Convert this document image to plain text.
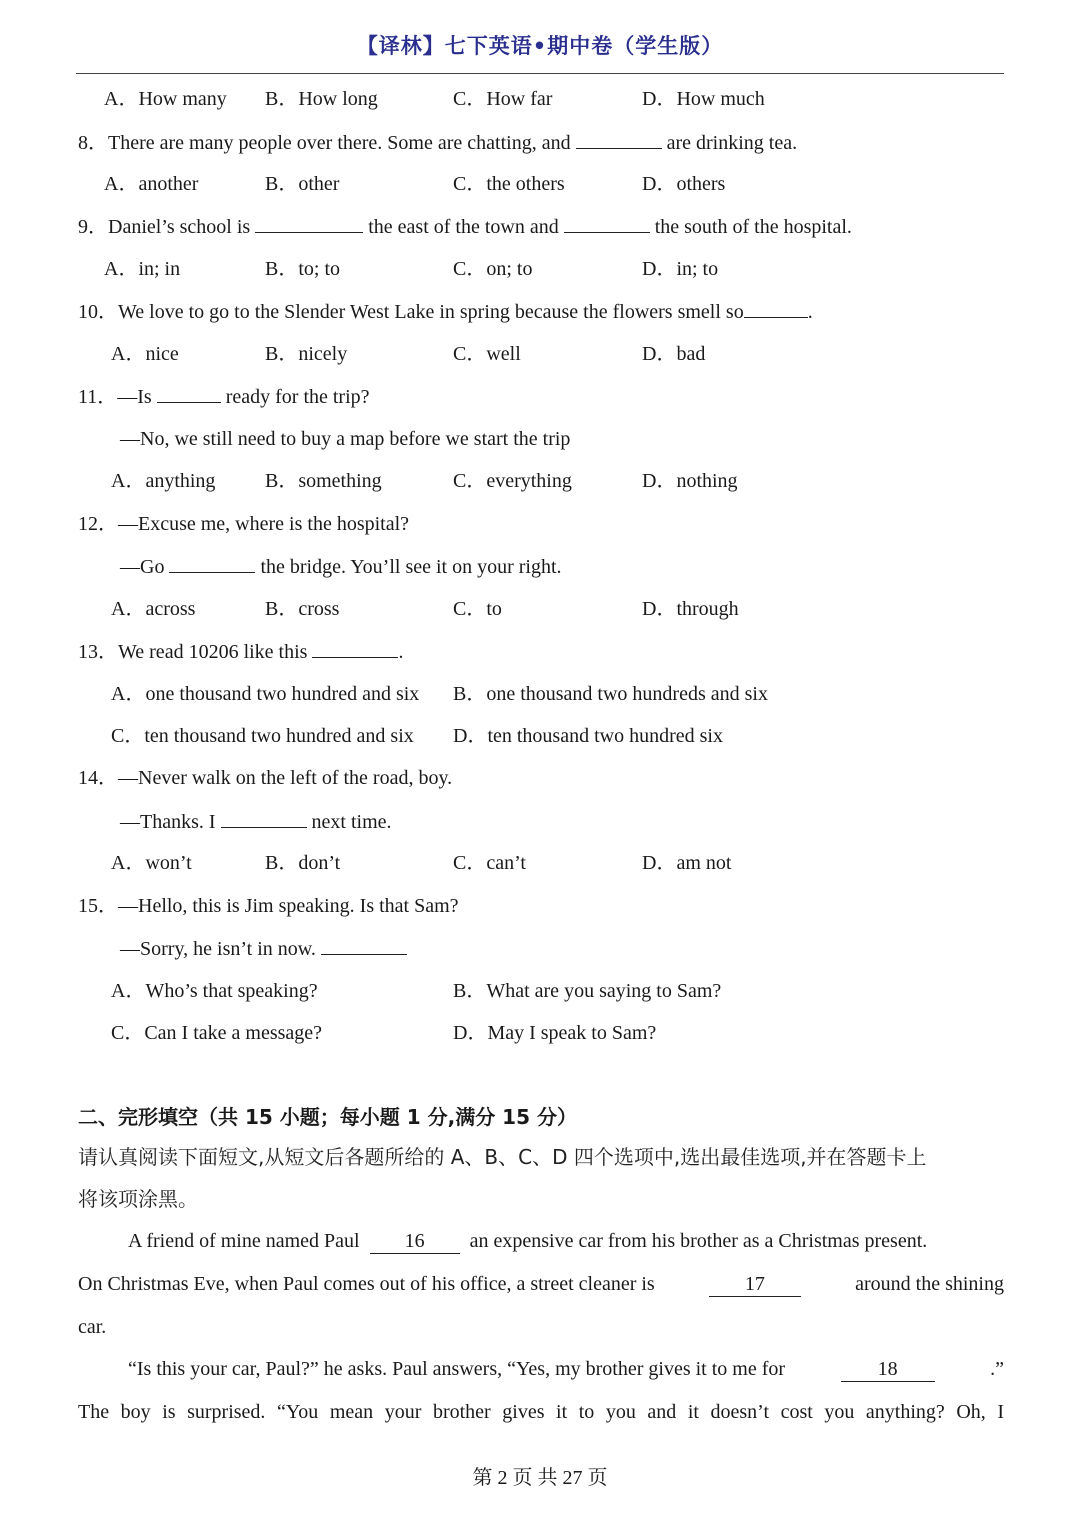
【译林】七下英语•期中卷（学生版）
A．How many B．How long	C．How far	D．How much
8．There are many people over there. Some are chatting, and	are drinking tea.
A．another	B．other	C．the others	D．others
9．Daniel’s school is	the east of the town and	the south of the hospital.
A．in; in	B．to; to	C．on; to	D．in; to
10．We love to go to the Slender West Lake in spring because the flowers smell so	.
A．nice	B．nicely	C．well	D．bad
11．—Is	ready for the trip?
—No, we still need to buy a map before we start the trip
A．anything B．something	C．everything	D．nothing
12．—Excuse me, where is the hospital?
—Go	the bridge. You’ll see it on your right.
A．across	B．cross	C．to	D．through
13．We read 10206 like this	.
A．one thousand two hundred and six B．one thousand two hundreds and six
C．ten thousand two hundred and six D．ten thousand two hundred six
14．—Never walk on the left of the road, boy.
—Thanks. I	next time.
A．won’t	B．don’t	C．can’t	D．am not
15．—Hello, this is Jim speaking. Is that Sam?
—Sorry, he isn’t in now.
A．Who’s that speaking?	B．What are you saying to Sam?
C．Can I take a message?	D．May I speak to Sam?
二、完形填空（共 15 小题；每小题 1 分,满分 15 分）
请认真阅读下面短文,从短文后各题所给的 A、B、C、D 四个选项中,选出最佳选项,并在答题卡上
将该项涂黑。
A friend of mine named Paul 16 an expensive car from his brother as a Christmas present.
On Christmas Eve, when Paul comes out of his office, a street cleaner is	17	around the shining
car.
“Is this your car, Paul?” he asks. Paul answers, “Yes, my brother gives it to me for	18	.”
The boy is surprised. “You mean your brother gives it to you and it doesn’t cost you anything? Oh, I
第 2 页 共 27 页
